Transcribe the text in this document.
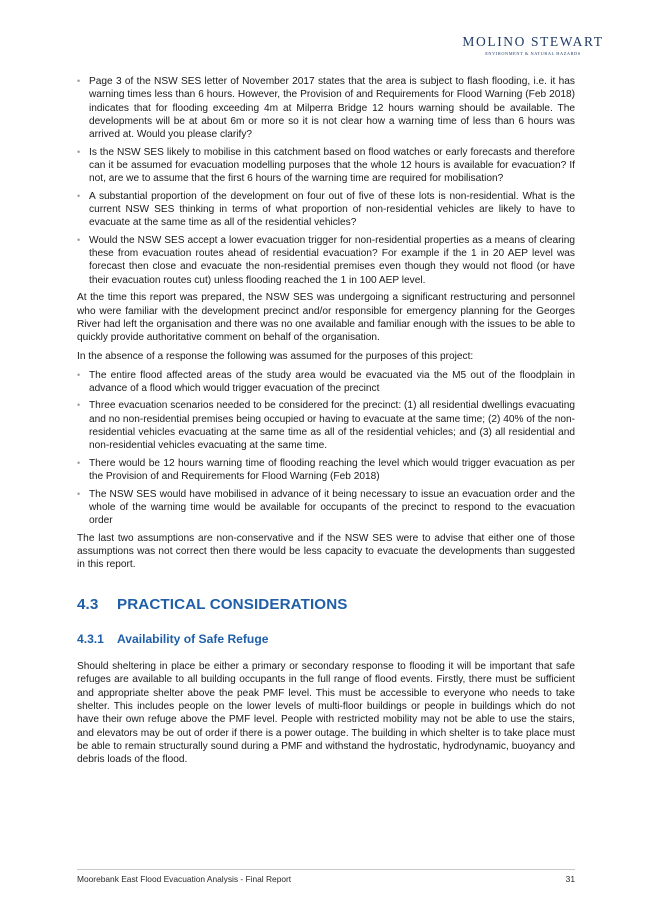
MOLINO STEWART
ENVIRONMENT & NATURAL HAZARDS
• Page 3 of the NSW SES letter of November 2017 states that the area is subject to flash flooding, i.e. it has warning times less than 6 hours. However, the Provision of and Requirements for Flood Warning (Feb 2018) indicates that for flooding exceeding 4m at Milperra Bridge 12 hours warning should be available. The developments will be at about 6m or more so it is not clear how a warning time of less than 6 hours was arrived at. Would you please clarify?
• Is the NSW SES likely to mobilise in this catchment based on flood watches or early forecasts and therefore can it be assumed for evacuation modelling purposes that the whole 12 hours is available for evacuation? If not, are we to assume that the first 6 hours of the warning time are required for mobilisation?
• A substantial proportion of the development on four out of five of these lots is non-residential. What is the current NSW SES thinking in terms of what proportion of non-residential vehicles are likely to have to evacuate at the same time as all of the residential vehicles?
• Would the NSW SES accept a lower evacuation trigger for non-residential properties as a means of clearing these from evacuation routes ahead of residential evacuation? For example if the 1 in 20 AEP level was forecast then close and evacuate the non-residential premises even though they would not flood (or have their evacuation routes cut) unless flooding reached the 1 in 100 AEP level.

At the time this report was prepared, the NSW SES was undergoing a significant restructuring and personnel who were familiar with the development precinct and/or responsible for emergency planning for the Georges River had left the organisation and there was no one available and familiar enough with the issues to be able to quickly provide authoritative comment on behalf of the organisation.

In the absence of a response the following was assumed for the purposes of this project:

• The entire flood affected areas of the study area would be evacuated via the M5 out of the floodplain in advance of a flood which would trigger evacuation of the precinct
• Three evacuation scenarios needed to be considered for the precinct: (1) all residential dwellings evacuating and no non-residential premises being occupied or having to evacuate at the same time; (2) 40% of the non-residential vehicles evacuating at the same time as all of the residential vehicles; and (3) all residential and non-residential vehicles evacuating at the same time.
• There would be 12 hours warning time of flooding reaching the level which would trigger evacuation as per the Provision of and Requirements for Flood Warning (Feb 2018)
• The NSW SES would have mobilised in advance of it being necessary to issue an evacuation order and the whole of the warning time would be available for occupants of the precinct to respond to the evacuation order

The last two assumptions are non-conservative and if the NSW SES were to advise that either one of those assumptions was not correct then there would be less capacity to evacuate the developments than suggested in this report.

4.3 PRACTICAL CONSIDERATIONS

4.3.1 Availability of Safe Refuge

Should sheltering in place be either a primary or secondary response to flooding it will be important that safe refuges are available to all building occupants in the full range of flood events. Firstly, there must be sufficient and appropriate shelter above the peak PMF level. This must be accessible to everyone who needs to take shelter. This includes people on the lower levels of multi-floor buildings or people in buildings which do not have their own refuge above the PMF level. People with restricted mobility may not be able to use the stairs, and elevators may be out of order if there is a power outage. The building in which shelter is to take place must be able to remain structurally sound during a PMF and withstand the hydrostatic, hydrodynamic, buoyancy and debris loads of the flood.

Moorebank East Flood Evacuation Analysis - Final Report	31
